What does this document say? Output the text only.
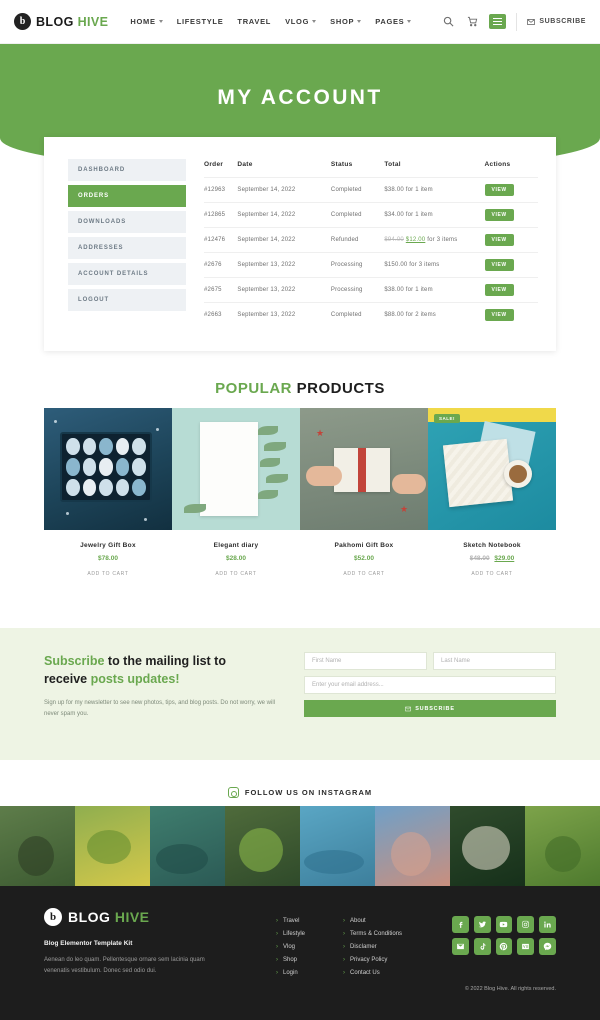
b BLOG HIVE	HOME	LIFESTYLE TRAVEL VLOG	SHOP	PAGES	SUBSCRIBE
MY ACCOUNT
DASHBOARD
ORDERS
DOWNLOADS
ADDRESSES
ACCOUNT DETAILS
LOGOUT
Order	Date	Status	Total	Actions
#12963	September 14, 2022	Completed	$38.00 for 1 item	VIEW
#12865	September 14, 2022	Completed	$34.00 for 1 item	VIEW
#12476	September 14, 2022	Refunded	$94.00 $12.00 for 3 items	VIEW
#2676	September 13, 2022	Processing	$150.00 for 3 items	VIEW
#2675	September 13, 2022	Processing	$38.00 for 1 item	VIEW
#2663	September 13, 2022	Completed	$88.00 for 2 items	VIEW
POPULAR PRODUCTS
Jewelry Gift Box
$78.00
ADD TO CART
Elegant diary
$28.00
ADD TO CART
★
★
Pakhomi Gift Box
$52.00
ADD TO CART
SALE!
Sketch Notebook
$48.00 $29.00
ADD TO CART
Subscribe to the mailing list to
receive posts updates!
Sign up for my newsletter to see new photos, tips, and blog posts. Do not worry, we will never spam you.
First Name	Last Name
Enter your email address...
SUBSCRIBE
FOLLOW US ON INSTAGRAM
b BLOG HIVE
Blog Elementor Template Kit
Aenean do leo quam. Pellentesque ornare sem lacinia quam venenatis vestibulum. Donec sed odio dui.
› Travel
› Lifestyle
› Vlog
› Shop
› Login
› About
› Terms & Conditions
› Disclamer
› Privacy Policy
› Contact Us
© 2022 Blog Hive. All rights reserved.
